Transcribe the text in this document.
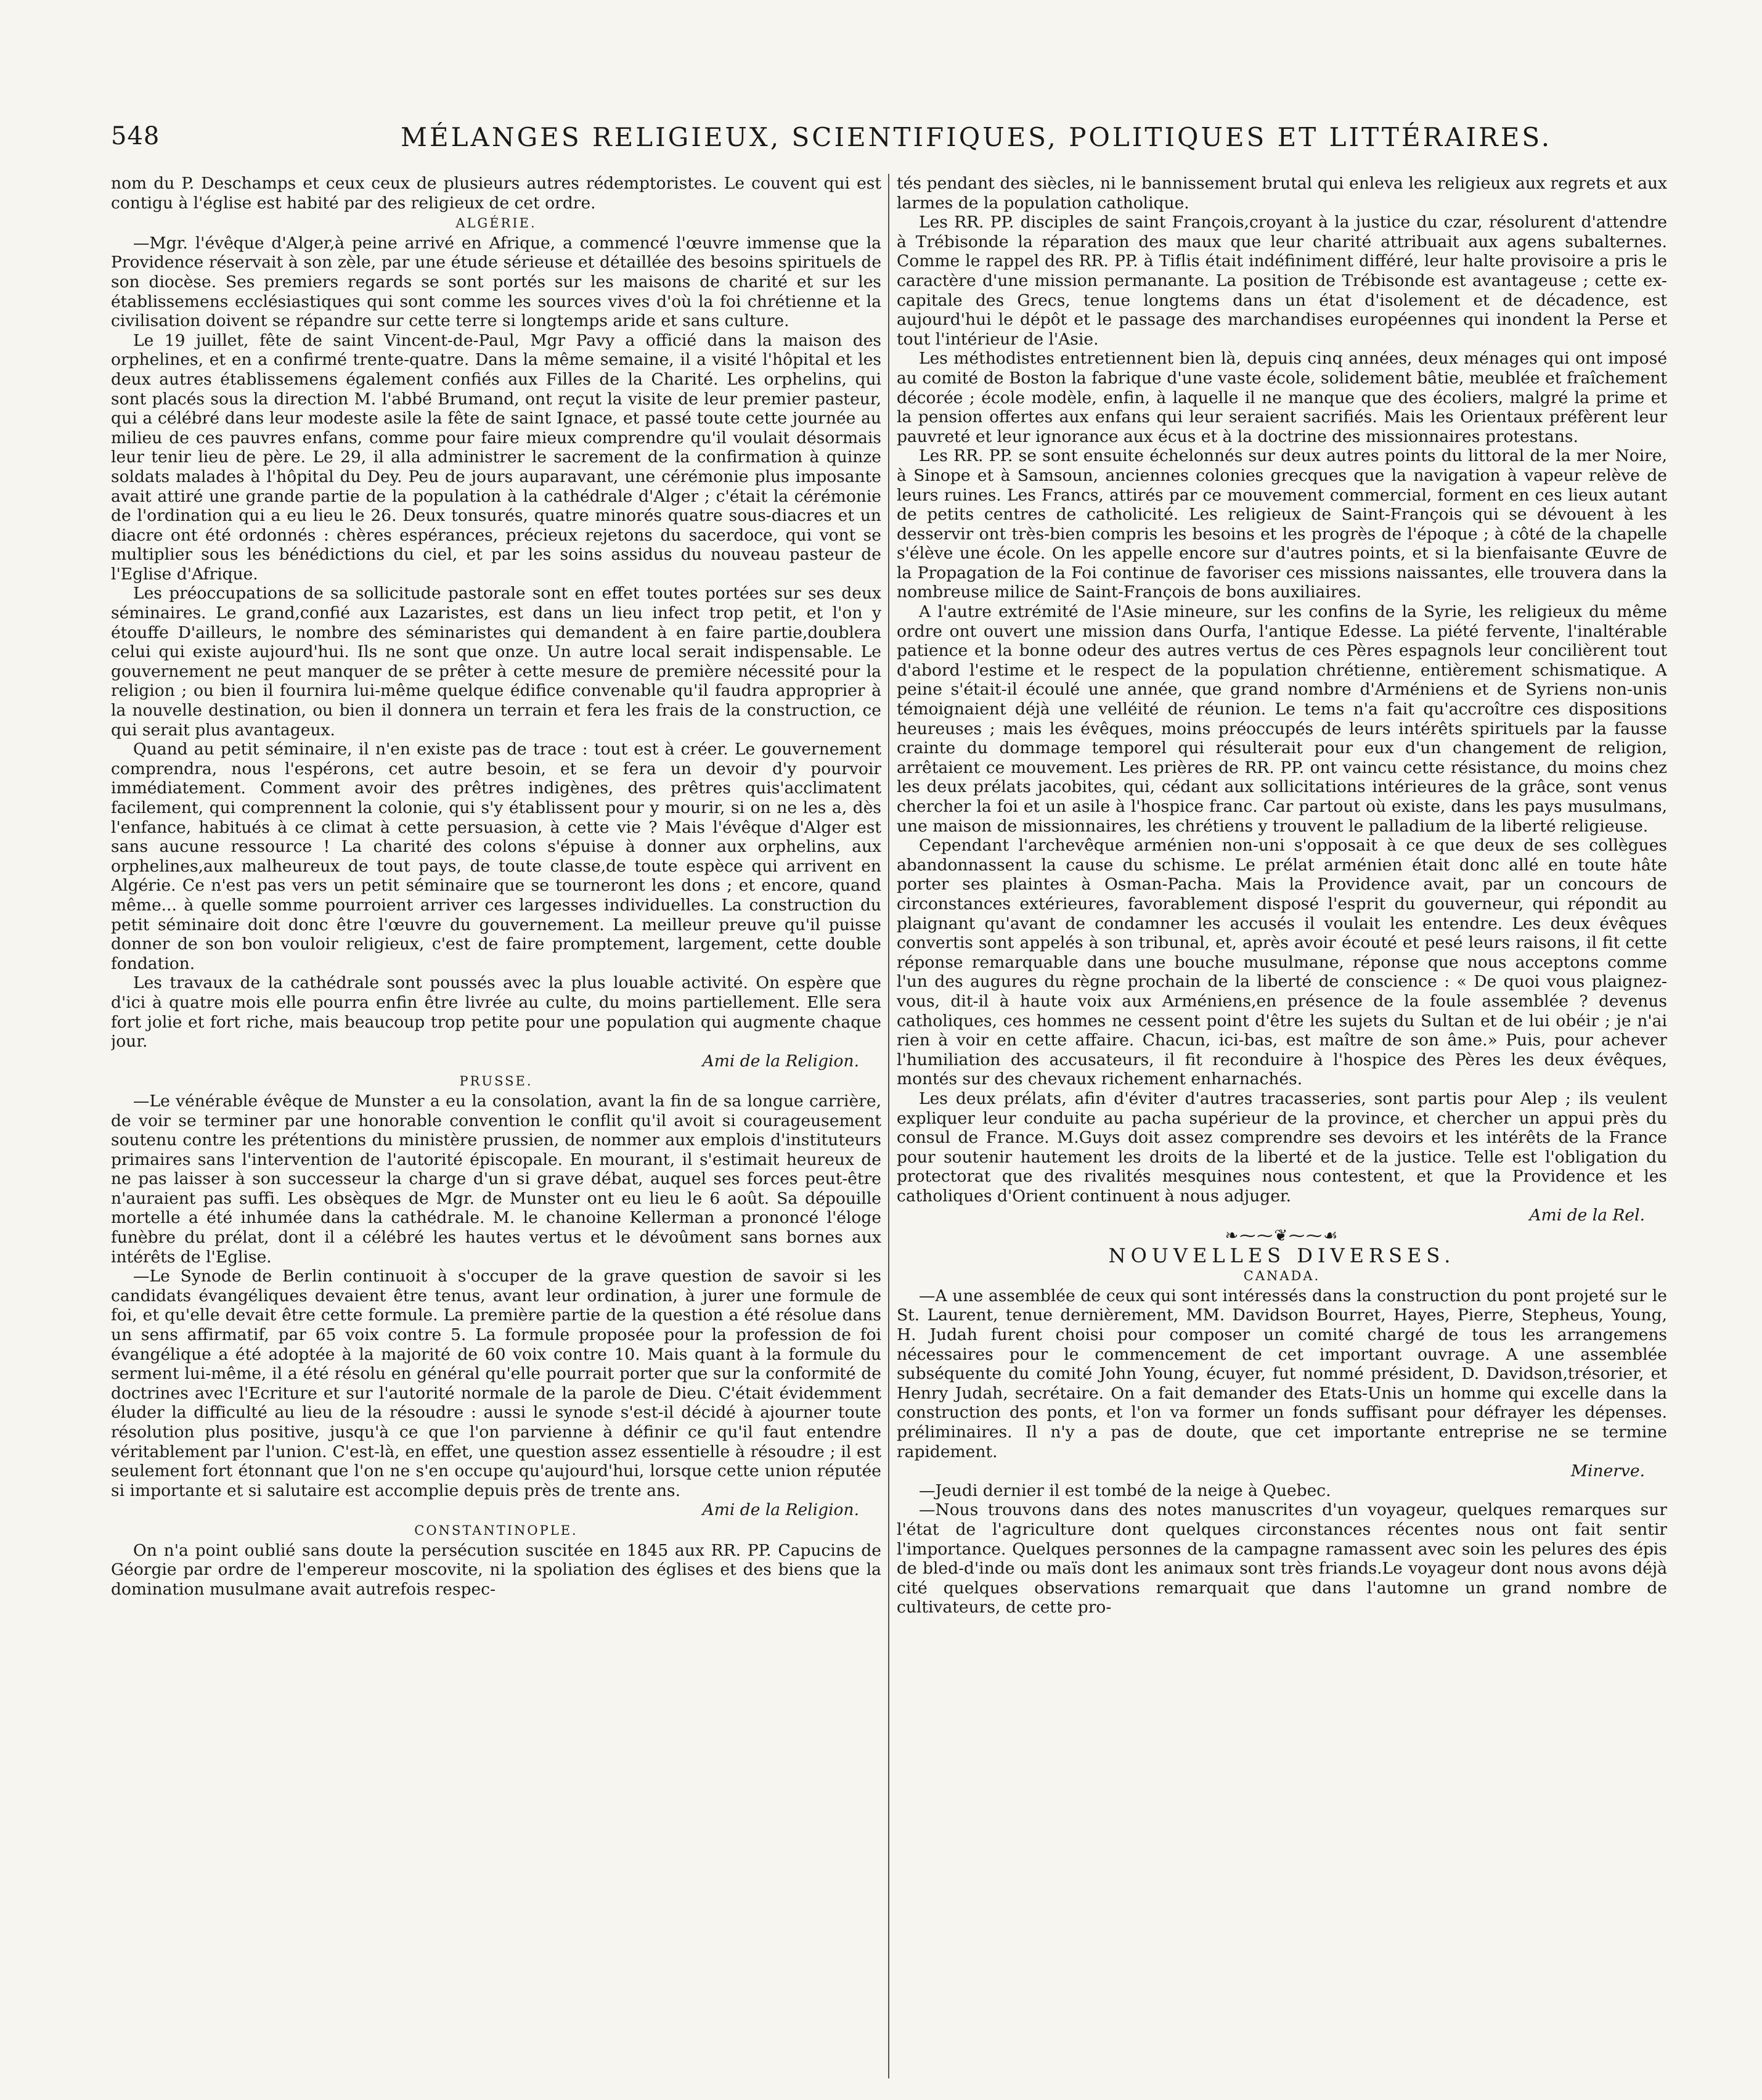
548	MÉLANGES RELIGIEUX, SCIENTIFIQUES, POLITIQUES ET LITTÉRAIRES.

nom du P. Deschamps et ceux ceux de plusieurs autres rédemptoristes. Le couvent qui est contigu à l'église est habité par des religieux de cet ordre.

ALGÉRIE.

—Mgr. l'évêque d'Alger,à peine arrivé en Afrique, a commencé l'œuvre immense que la Providence réservait à son zèle, par une étude sérieuse et détaillée des besoins spirituels de son diocèse. Ses premiers regards se sont portés sur les maisons de charité et sur les établissemens ecclésiastiques qui sont comme les sources vives d'où la foi chrétienne et la civilisation doivent se répandre sur cette terre si longtemps aride et sans culture.

Le 19 juillet, fête de saint Vincent-de-Paul, Mgr Pavy a officié dans la maison des orphelines, et en a confirmé trente-quatre. Dans la même semaine, il a visité l'hôpital et les deux autres établissemens également confiés aux Filles de la Charité. Les orphelins, qui sont placés sous la direction M. l'abbé Brumand, ont reçut la visite de leur premier pasteur, qui a célébré dans leur modeste asile la fête de saint Ignace, et passé toute cette journée au milieu de ces pauvres enfans, comme pour faire mieux comprendre qu'il voulait désormais leur tenir lieu de père. Le 29, il alla administrer le sacrement de la confirmation à quinze soldats malades à l'hôpital du Dey. Peu de jours auparavant, une cérémonie plus imposante avait attiré une grande partie de la population à la cathédrale d'Alger ; c'était la cérémonie de l'ordination qui a eu lieu le 26. Deux tonsurés, quatre minorés quatre sous-diacres et un diacre ont été ordonnés : chères espérances, précieux rejetons du sacerdoce, qui vont se multiplier sous les bénédictions du ciel, et par les soins assidus du nouveau pasteur de l'Eglise d'Afrique.

Les préoccupations de sa sollicitude pastorale sont en effet toutes portées sur ses deux séminaires. Le grand,confié aux Lazaristes, est dans un lieu infect trop petit, et l'on y étouffe D'ailleurs, le nombre des séminaristes qui demandent à en faire partie,doublera celui qui existe aujourd'hui. Ils ne sont que onze. Un autre local serait indispensable. Le gouvernement ne peut manquer de se prêter à cette mesure de première nécessité pour la religion ; ou bien il fournira lui-même quelque édifice convenable qu'il faudra approprier à la nouvelle destination, ou bien il donnera un terrain et fera les frais de la construction, ce qui serait plus avantageux.

Quand au petit séminaire, il n'en existe pas de trace : tout est à créer. Le gouvernement comprendra, nous l'espérons, cet autre besoin, et se fera un devoir d'y pourvoir immédiatement. Comment avoir des prêtres indigènes, des prêtres quis'acclimatent facilement, qui comprennent la colonie, qui s'y établissent pour y mourir, si on ne les a, dès l'enfance, habitués à ce climat à cette persuasion, à cette vie ? Mais l'évêque d'Alger est sans aucune ressource ! La charité des colons s'épuise à donner aux orphelins, aux orphelines,aux malheureux de tout pays, de toute classe,de toute espèce qui arrivent en Algérie. Ce n'est pas vers un petit séminaire que se tourneront les dons ; et encore, quand même... à quelle somme pourroient arriver ces largesses individuelles. La construction du petit séminaire doit donc être l'œuvre du gouvernement. La meilleur preuve qu'il puisse donner de son bon vouloir religieux, c'est de faire promptement, largement, cette double fondation.

Les travaux de la cathédrale sont poussés avec la plus louable activité. On espère que d'ici à quatre mois elle pourra enfin être livrée au culte, du moins partiellement. Elle sera fort jolie et fort riche, mais beaucoup trop petite pour une population qui augmente chaque jour.

Ami de la Religion.

PRUSSE.

—Le vénérable évêque de Munster a eu la consolation, avant la fin de sa longue carrière, de voir se terminer par une honorable convention le conflit qu'il avoit si courageusement soutenu contre les prétentions du ministère prussien, de nommer aux emplois d'instituteurs primaires sans l'intervention de l'autorité épiscopale. En mourant, il s'estimait heureux de ne pas laisser à son successeur la charge d'un si grave débat, auquel ses forces peut-être n'auraient pas suffi. Les obsèques de Mgr. de Munster ont eu lieu le 6 août. Sa dépouille mortelle a été inhumée dans la cathédrale. M. le chanoine Kellerman a prononcé l'éloge funèbre du prélat, dont il a célébré les hautes vertus et le dévoûment sans bornes aux intérêts de l'Eglise.

—Le Synode de Berlin continuoit à s'occuper de la grave question de savoir si les candidats évangéliques devaient être tenus, avant leur ordination, à jurer une formule de foi, et qu'elle devait être cette formule. La première partie de la question a été résolue dans un sens affirmatif, par 65 voix contre 5. La formule proposée pour la profession de foi évangélique a été adoptée à la majorité de 60 voix contre 10. Mais quant à la formule du serment lui-même, il a été résolu en général qu'elle pourrait porter que sur la conformité de doctrines avec l'Ecriture et sur l'autorité normale de la parole de Dieu. C'était évidemment éluder la difficulté au lieu de la résoudre : aussi le synode s'est-il décidé à ajourner toute résolution plus positive, jusqu'à ce que l'on parvienne à définir ce qu'il faut entendre véritablement par l'union. C'est-là, en effet, une question assez essentielle à résoudre ; il est seulement fort étonnant que l'on ne s'en occupe qu'aujourd'hui, lorsque cette union réputée si importante et si salutaire est accomplie depuis près de trente ans.

Ami de la Religion.

CONSTANTINOPLE.

On n'a point oublié sans doute la persécution suscitée en 1845 aux RR. PP. Capucins de Géorgie par ordre de l'empereur moscovite, ni la spoliation des églises et des biens que la domination musulmane avait autrefois respec-

tés pendant des siècles, ni le bannissement brutal qui enleva les religieux aux regrets et aux larmes de la population catholique.

Les RR. PP. disciples de saint François,croyant à la justice du czar, résolurent d'attendre à Trébisonde la réparation des maux que leur charité attribuait aux agens subalternes. Comme le rappel des RR. PP. à Tiflis était indéfiniment différé, leur halte provisoire a pris le caractère d'une mission permanante. La position de Trébisonde est avantageuse ; cette ex-capitale des Grecs, tenue longtems dans un état d'isolement et de décadence, est aujourd'hui le dépôt et le passage des marchandises européennes qui inondent la Perse et tout l'intérieur de l'Asie.

Les méthodistes entretiennent bien là, depuis cinq années, deux ménages qui ont imposé au comité de Boston la fabrique d'une vaste école, solidement bâtie, meublée et fraîchement décorée ; école modèle, enfin, à laquelle il ne manque que des écoliers, malgré la prime et la pension offertes aux enfans qui leur seraient sacrifiés. Mais les Orientaux préfèrent leur pauvreté et leur ignorance aux écus et à la doctrine des missionnaires protestans.

Les RR. PP. se sont ensuite échelonnés sur deux autres points du littoral de la mer Noire, à Sinope et à Samsoun, anciennes colonies grecques que la navigation à vapeur relève de leurs ruines. Les Francs, attirés par ce mouvement commercial, forment en ces lieux autant de petits centres de catholicité. Les religieux de Saint-François qui se dévouent à les desservir ont très-bien compris les besoins et les progrès de l'époque ; à côté de la chapelle s'élève une école. On les appelle encore sur d'autres points, et si la bienfaisante Œuvre de la Propagation de la Foi continue de favoriser ces missions naissantes, elle trouvera dans la nombreuse milice de Saint-François de bons auxiliaires.

A l'autre extrémité de l'Asie mineure, sur les confins de la Syrie, les religieux du même ordre ont ouvert une mission dans Ourfa, l'antique Edesse. La piété fervente, l'inaltérable patience et la bonne odeur des autres vertus de ces Pères espagnols leur concilièrent tout d'abord l'estime et le respect de la population chrétienne, entièrement schismatique. A peine s'était-il écoulé une année, que grand nombre d'Arméniens et de Syriens non-unis témoignaient déjà une velléité de réunion. Le tems n'a fait qu'accroître ces dispositions heureuses ; mais les évêques, moins préoccupés de leurs intérêts spirituels par la fausse crainte du dommage temporel qui résulterait pour eux d'un changement de religion, arrêtaient ce mouvement. Les prières de RR. PP. ont vaincu cette résistance, du moins chez les deux prélats jacobites, qui, cédant aux sollicitations intérieures de la grâce, sont venus chercher la foi et un asile à l'hospice franc. Car partout où existe, dans les pays musulmans, une maison de missionnaires, les chrétiens y trouvent le palladium de la liberté religieuse.

Cependant l'archevêque arménien non-uni s'opposait à ce que deux de ses collègues abandonnassent la cause du schisme. Le prélat arménien était donc allé en toute hâte porter ses plaintes à Osman-Pacha. Mais la Providence avait, par un concours de circonstances extérieures, favorablement disposé l'esprit du gouverneur, qui répondit au plaignant qu'avant de condamner les accusés il voulait les entendre. Les deux évêques convertis sont appelés à son tribunal, et, après avoir écouté et pesé leurs raisons, il fit cette réponse remarquable dans une bouche musulmane, réponse que nous acceptons comme l'un des augures du règne prochain de la liberté de conscience : « De quoi vous plaignez-vous, dit-il à haute voix aux Arméniens,en présence de la foule assemblée ? devenus catholiques, ces hommes ne cessent point d'être les sujets du Sultan et de lui obéir ; je n'ai rien à voir en cette affaire. Chacun, ici-bas, est maître de son âme.» Puis, pour achever l'humiliation des accusateurs, il fit reconduire à l'hospice des Pères les deux évêques, montés sur des chevaux richement enharnachés.

Les deux prélats, afin d'éviter d'autres tracasseries, sont partis pour Alep ; ils veulent expliquer leur conduite au pacha supérieur de la province, et chercher un appui près du consul de France. M.Guys doit assez comprendre ses devoirs et les intérêts de la France pour soutenir hautement les droits de la liberté et de la justice. Telle est l'obligation du protectorat que des rivalités mesquines nous contestent, et que la Providence et les catholiques d'Orient continuent à nous adjuger.

Ami de la Rel.

❧⁓⁓❦⁓⁓☙
NOUVELLES DIVERSES.
CANADA.

—A une assemblée de ceux qui sont intéressés dans la construction du pont projeté sur le St. Laurent, tenue dernièrement, MM. Davidson Bourret, Hayes, Pierre, Stepheus, Young, H. Judah furent choisi pour composer un comité chargé de tous les arrangemens nécessaires pour le commencement de cet important ouvrage. A une assemblée subséquente du comité John Young, écuyer, fut nommé président, D. Davidson,trésorier, et Henry Judah, secrétaire. On a fait demander des Etats-Unis un homme qui excelle dans la construction des ponts, et l'on va former un fonds suffisant pour défrayer les dépenses. préliminaires. Il n'y a pas de doute, que cet importante entreprise ne se termine rapidement.

Minerve.

—Jeudi dernier il est tombé de la neige à Quebec.

—Nous trouvons dans des notes manuscrites d'un voyageur, quelques remarques sur l'état de l'agriculture dont quelques circonstances récentes nous ont fait sentir l'importance. Quelques personnes de la campagne ramassent avec soin les pelures des épis de bled-d'inde ou maïs dont les animaux sont très friands.Le voyageur dont nous avons déjà cité quelques observations remarquait que dans l'automne un grand nombre de cultivateurs, de cette pro-
